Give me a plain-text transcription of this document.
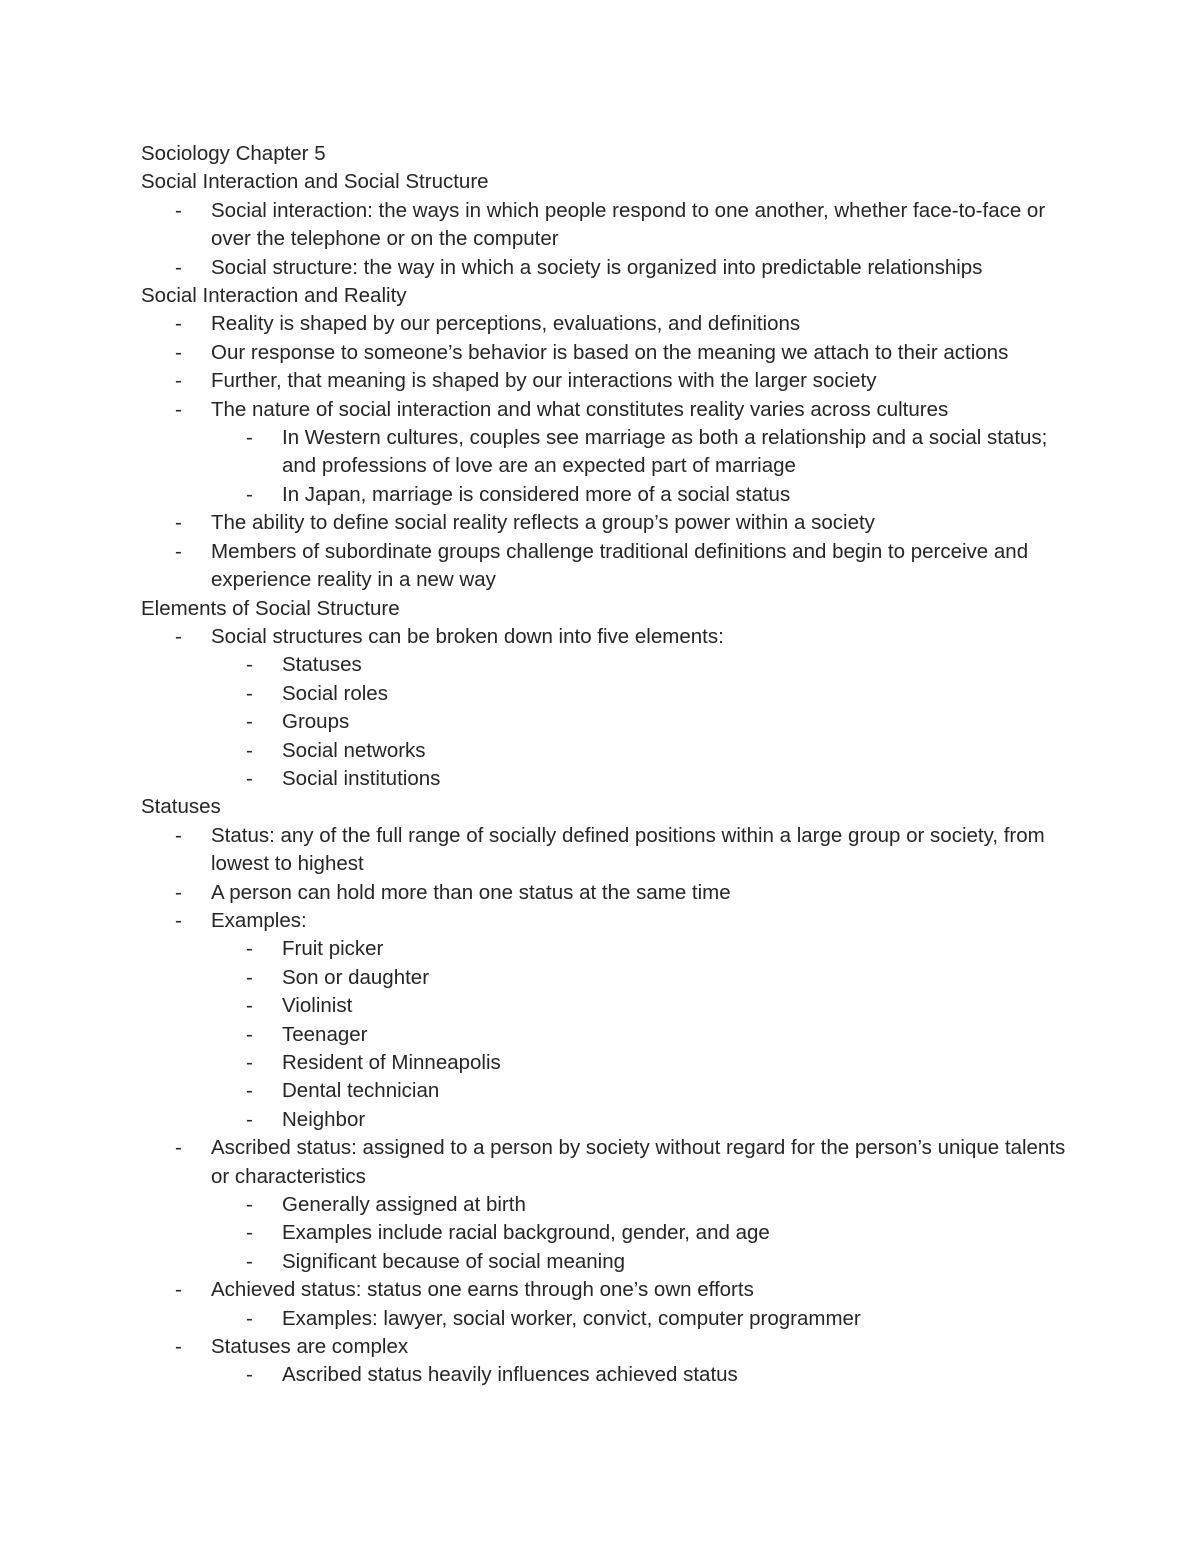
Sociology Chapter 5
Social Interaction and Social Structure
-	Social interaction: the ways in which people respond to one another, whether face-to-face or over the telephone or on the computer
-	Social structure: the way in which a society is organized into predictable relationships
Social Interaction and Reality
-	Reality is shaped by our perceptions, evaluations, and definitions
-	Our response to someone’s behavior is based on the meaning we attach to their actions
-	Further, that meaning is shaped by our interactions with the larger society
-	The nature of social interaction and what constitutes reality varies across cultures
-	In Western cultures, couples see marriage as both a relationship and a social status; and professions of love are an expected part of marriage
-	In Japan, marriage is considered more of a social status
-	The ability to define social reality reflects a group’s power within a society
-	Members of subordinate groups challenge traditional definitions and begin to perceive and experience reality in a new way
Elements of Social Structure
-	Social structures can be broken down into five elements:
-	Statuses
-	Social roles
-	Groups
-	Social networks
-	Social institutions
Statuses
-	Status: any of the full range of socially defined positions within a large group or society, from lowest to highest
-	A person can hold more than one status at the same time
-	Examples:
-	Fruit picker
-	Son or daughter
-	Violinist
-	Teenager
-	Resident of Minneapolis
-	Dental technician
-	Neighbor
-	Ascribed status: assigned to a person by society without regard for the person’s unique talents or characteristics
-	Generally assigned at birth
-	Examples include racial background, gender, and age
-	Significant because of social meaning
-	Achieved status: status one earns through one’s own efforts
-	Examples: lawyer, social worker, convict, computer programmer
-	Statuses are complex
-	Ascribed status heavily influences achieved status
